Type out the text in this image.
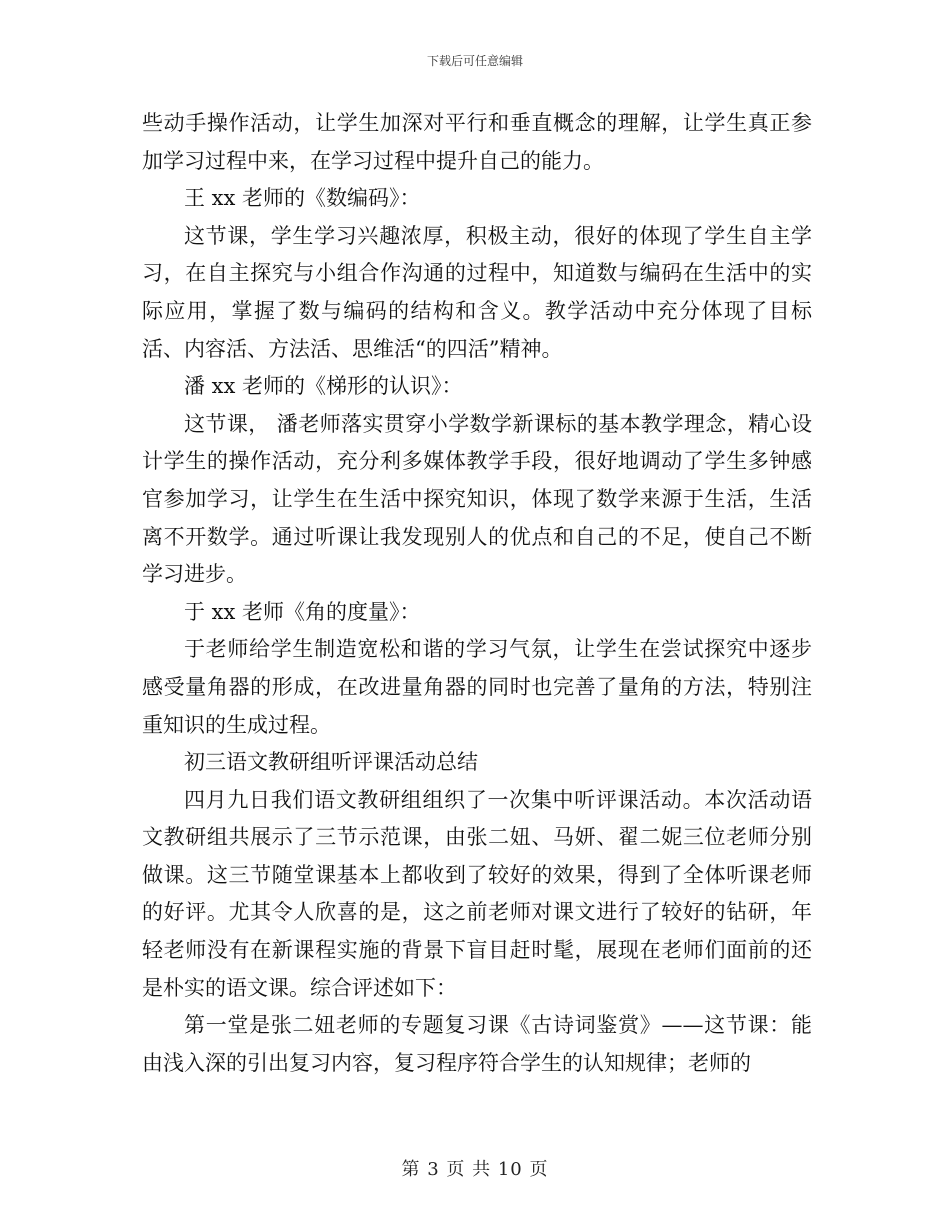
下载后可任意编辑

些动手操作活动，让学生加深对平行和垂直概念的理解，让学生真正参加学习过程中来，在学习过程中提升自己的能力。

王 xx 老师的《数编码》：

这节课，学生学习兴趣浓厚，积极主动，很好的体现了学生自主学习，在自主探究与小组合作沟通的过程中，知道数与编码在生活中的实际应用，掌握了数与编码的结构和含义。教学活动中充分体现了目标活、内容活、方法活、思维活“的四活”精神。

潘 xx 老师的《梯形的认识》：

这节课， 潘老师落实贯穿小学数学新课标的基本教学理念，精心设计学生的操作活动，充分利多媒体教学手段，很好地调动了学生多钟感官参加学习，让学生在生活中探究知识，体现了数学来源于生活，生活离不开数学。通过听课让我发现别人的优点和自己的不足，使自己不断学习进步。

于 xx 老师《角的度量》：

于老师给学生制造宽松和谐的学习气氛，让学生在尝试探究中逐步感受量角器的形成，在改进量角器的同时也完善了量角的方法，特别注重知识的生成过程。

初三语文教研组听评课活动总结

四月九日我们语文教研组组织了一次集中听评课活动。本次活动语文教研组共展示了三节示范课，由张二妞、马妍、翟二妮三位老师分别做课。这三节随堂课基本上都收到了较好的效果，得到了全体听课老师的好评。尤其令人欣喜的是，这之前老师对课文进行了较好的钻研，年轻老师没有在新课程实施的背景下盲目赶时髦，展现在老师们面前的还是朴实的语文课。综合评述如下：

第一堂是张二妞老师的专题复习课《古诗词鉴赏》——这节课：能由浅入深的引出复习内容，复习程序符合学生的认知规律；老师的

第 3 页 共 10 页
